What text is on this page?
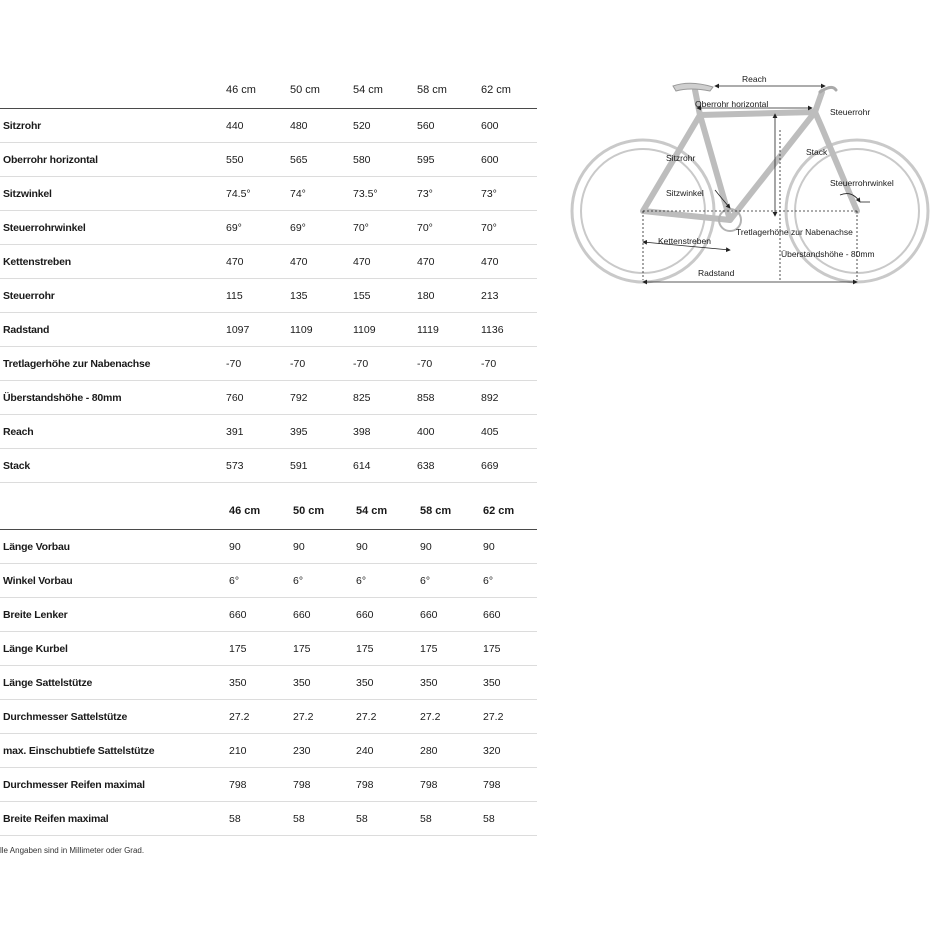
46 cm	50 cm	54 cm	58 cm	62 cm
Sitzrohr	440	480	520	560	600
Oberrohr horizontal	550	565	580	595	600
Sitzwinkel	74.5°	74°	73.5°	73°	73°
Steuerrohrwinkel	69°	69°	70°	70°	70°
Kettenstreben	470	470	470	470	470
Steuerrohr	115	135	155	180	213
Radstand	1097	1109	1109	1119	1136
Tretlagerhöhe zur Nabenachse	-70	-70	-70	-70	-70
Überstandshöhe - 80mm	760	792	825	858	892
Reach	391	395	398	400	405
Stack	573	591	614	638	669
46 cm	50 cm	54 cm	58 cm	62 cm
Länge Vorbau	90	90	90	90	90
Winkel Vorbau	6°	6°	6°	6°	6°
Breite Lenker	660	660	660	660	660
Länge Kurbel	175	175	175	175	175
Länge Sattelstütze	350	350	350	350	350
Durchmesser Sattelstütze	27.2	27.2	27.2	27.2	27.2
max. Einschubtiefe Sattelstütze	210	230	240	280	320
Durchmesser Reifen maximal	798	798	798	798	798
Breite Reifen maximal	58	58	58	58	58
lle Angaben sind in Millimeter oder Grad.
Reach
Oberrohr horizontal
Steuerrohr
Sitzrohr
Stack
Steuerrohrwinkel
Sitzwinkel
Kettenstreben
Tretlagerhöhe zur Nabenachse
Überstandshöhe - 80mm
Radstand
